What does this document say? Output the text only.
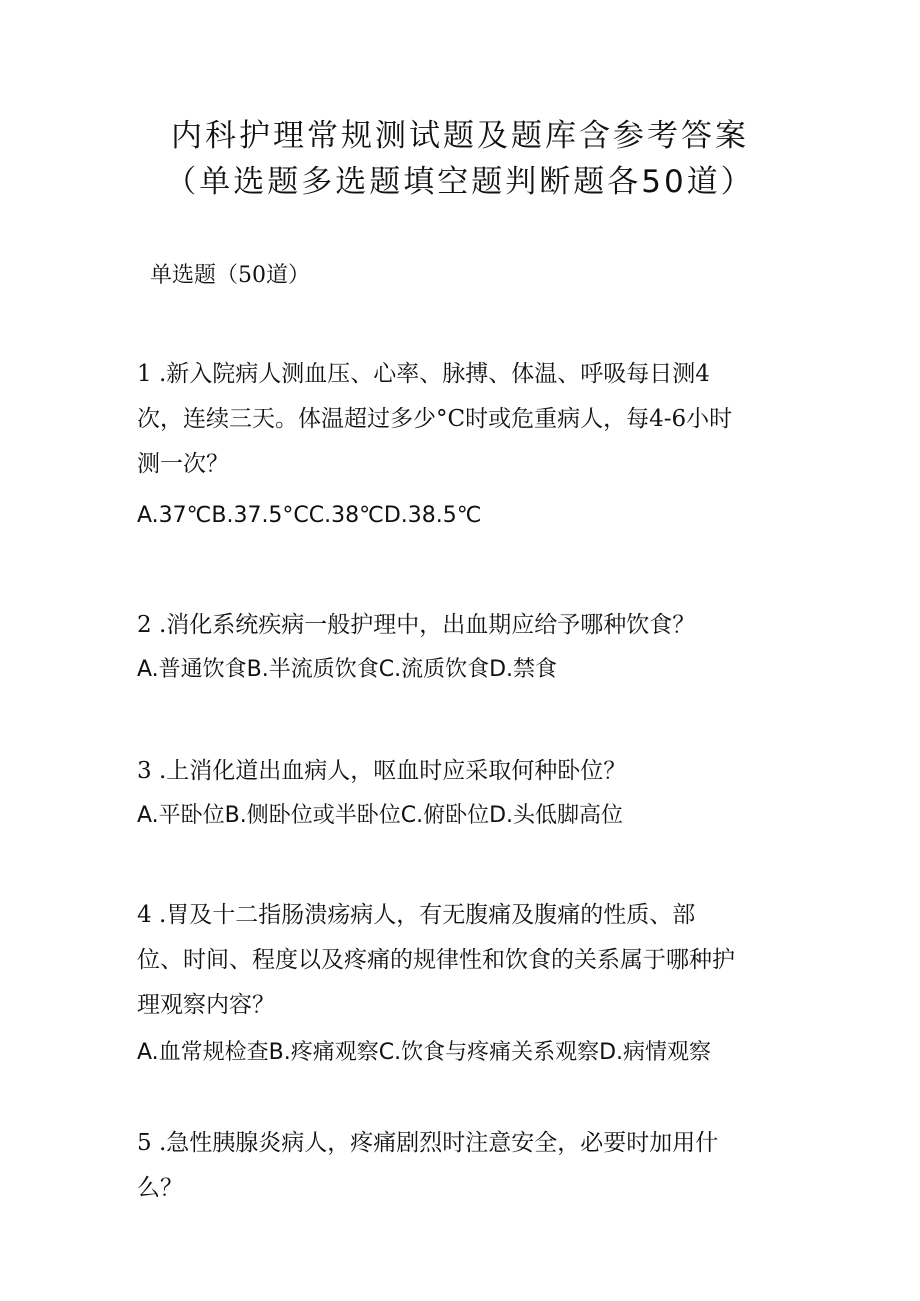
内科护理常规测试题及题库含参考答案
（单选题多选题填空题判断题各50道）
单选题（50道）

1 .新入院病人测血压、心率、脉搏、体温、呼吸每日测4
次，连续三天。体温超过多少°C时或危重病人，每4-6小时
测一次？

A.37℃B.37.5°CC.38℃D.38.5℃

2 .消化系统疾病一般护理中，出血期应给予哪种饮食？

A.普通饮食B.半流质饮食C.流质饮食D.禁食

3 .上消化道出血病人，呕血时应采取何种卧位？

A.平卧位B.侧卧位或半卧位C.俯卧位D.头低脚高位

4 .胃及十二指肠溃疡病人，有无腹痛及腹痛的性质、部
位、时间、程度以及疼痛的规律性和饮食的关系属于哪种护
理观察内容？

A.血常规检查B.疼痛观察C.饮食与疼痛关系观察D.病情观察

5 .急性胰腺炎病人，疼痛剧烈时注意安全，必要时加用什
么？
